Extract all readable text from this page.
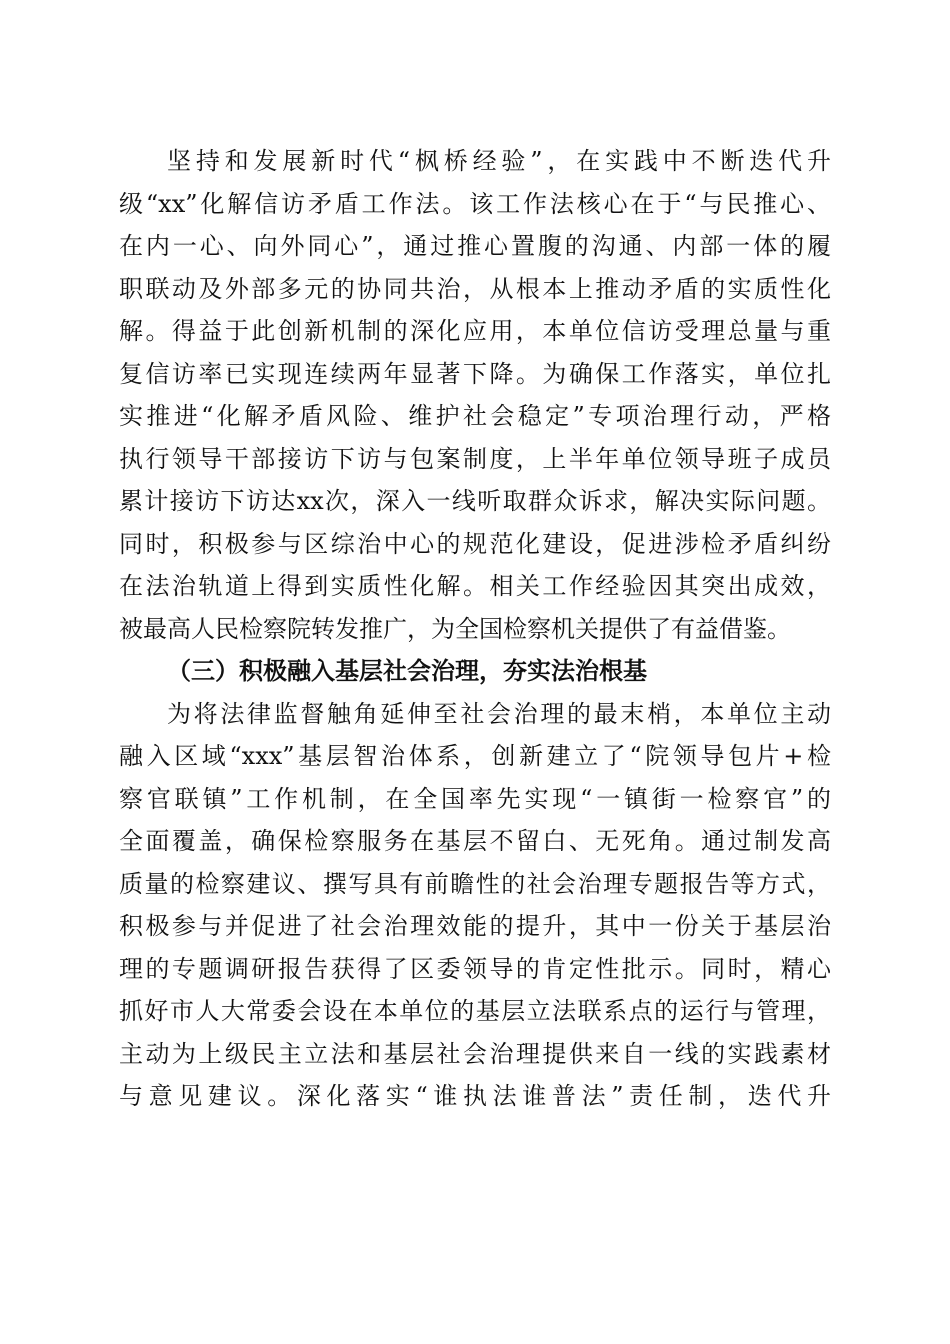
坚持和发展新时代“枫桥经验”，在实践中不断迭代升
级“xx”化解信访矛盾工作法。该工作法核心在于“与民推心、
在内一心、向外同心”，通过推心置腹的沟通、内部一体的履
职联动及外部多元的协同共治，从根本上推动矛盾的实质性化
解。得益于此创新机制的深化应用，本单位信访受理总量与重
复信访率已实现连续两年显著下降。为确保工作落实，单位扎
实推进“化解矛盾风险、维护社会稳定”专项治理行动，严格
执行领导干部接访下访与包案制度，上半年单位领导班子成员
累计接访下访达xx次，深入一线听取群众诉求，解决实际问题。
同时，积极参与区综治中心的规范化建设，促进涉检矛盾纠纷
在法治轨道上得到实质性化解。相关工作经验因其突出成效，
被最高人民检察院转发推广，为全国检察机关提供了有益借鉴。
（三）积极融入基层社会治理，夯实法治根基
为将法律监督触角延伸至社会治理的最末梢，本单位主动
融入区域“xxx”基层智治体系，创新建立了“院领导包片+检
察官联镇”工作机制，在全国率先实现“一镇街一检察官”的
全面覆盖，确保检察服务在基层不留白、无死角。通过制发高
质量的检察建议、撰写具有前瞻性的社会治理专题报告等方式，
积极参与并促进了社会治理效能的提升，其中一份关于基层治
理的专题调研报告获得了区委领导的肯定性批示。同时，精心
抓好市人大常委会设在本单位的基层立法联系点的运行与管理，
主动为上级民主立法和基层社会治理提供来自一线的实践素材
与意见建议。深化落实“谁执法谁普法”责任制，迭代升
